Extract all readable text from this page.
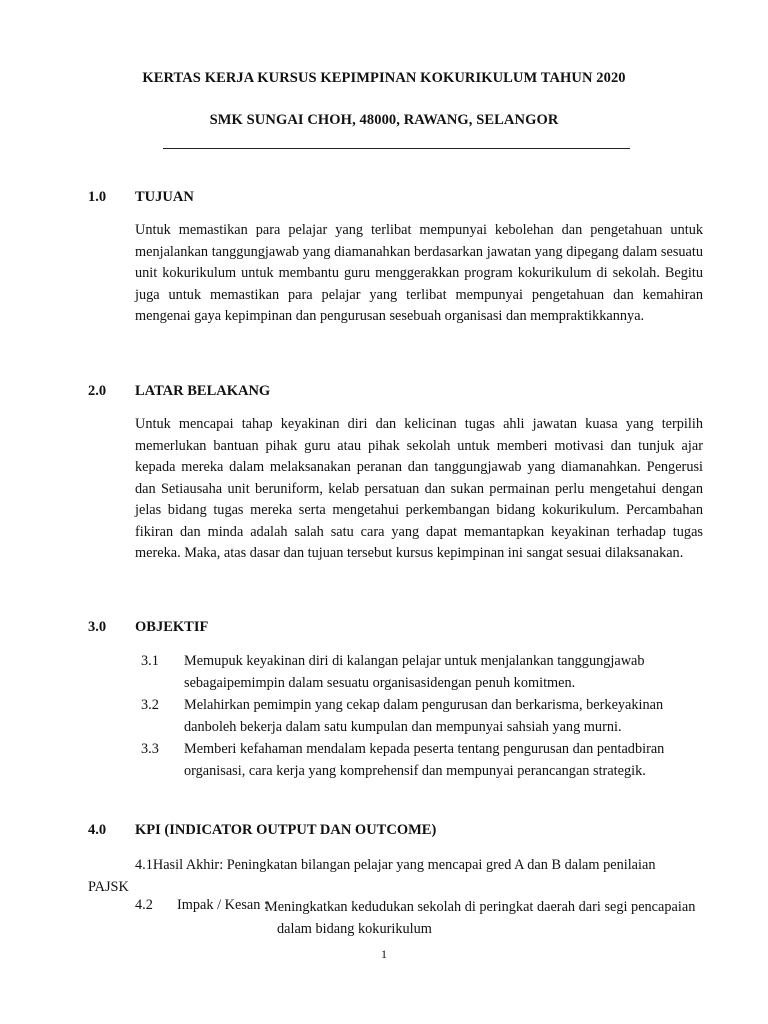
KERTAS KERJA KURSUS KEPIMPINAN KOKURIKULUM TAHUN 2020
SMK SUNGAI CHOH, 48000, RAWANG, SELANGOR
1.0 TUJUAN
Untuk memastikan para pelajar yang terlibat mempunyai kebolehan dan pengetahuan untuk menjalankan tanggungjawab yang diamanahkan berdasarkan jawatan yang dipegang dalam sesuatu unit kokurikulum untuk membantu guru menggerakkan program kokurikulum di sekolah. Begitu juga untuk memastikan para pelajar yang terlibat mempunyai pengetahuan dan kemahiran mengenai gaya kepimpinan dan pengurusan sesebuah organisasi dan mempraktikkannya.
2.0 LATAR BELAKANG
Untuk mencapai tahap keyakinan diri dan kelicinan tugas ahli jawatan kuasa yang terpilih memerlukan bantuan pihak guru atau pihak sekolah untuk memberi motivasi dan tunjuk ajar kepada mereka dalam melaksanakan peranan dan tanggungjawab yang diamanahkan. Pengerusi dan Setiausaha unit beruniform, kelab persatuan dan sukan permainan perlu mengetahui dengan jelas bidang tugas mereka serta mengetahui perkembangan bidang kokurikulum. Percambahan fikiran dan minda adalah salah satu cara yang dapat memantapkan keyakinan terhadap tugas mereka. Maka, atas dasar dan tujuan tersebut kursus kepimpinan ini sangat sesuai dilaksanakan.
3.0 OBJEKTIF
3.1 Memupuk keyakinan diri di kalangan pelajar untuk menjalankan tanggungjawab sebagaipemimpin dalam sesuatu organisasidengan penuh komitmen.
3.2 Melahirkan pemimpin yang cekap dalam pengurusan dan berkarisma, berkeyakinan danboleh bekerja dalam satu kumpulan dan mempunyai sahsiah yang murni.
3.3 Memberi kefahaman mendalam kepada peserta tentang pengurusan dan pentadbiran organisasi, cara kerja yang komprehensif dan mempunyai perancangan strategik.
4.0 KPI (INDICATOR OUTPUT DAN OUTCOME)
4.1Hasil Akhir: Peningkatan bilangan pelajar yang mencapai gred A dan B dalam penilaian PAJSK
4.2 Impak / Kesan :
Meningkatkan kedudukan sekolah di peringkat daerah dari segi pencapaian dalam bidang kokurikulum
1
